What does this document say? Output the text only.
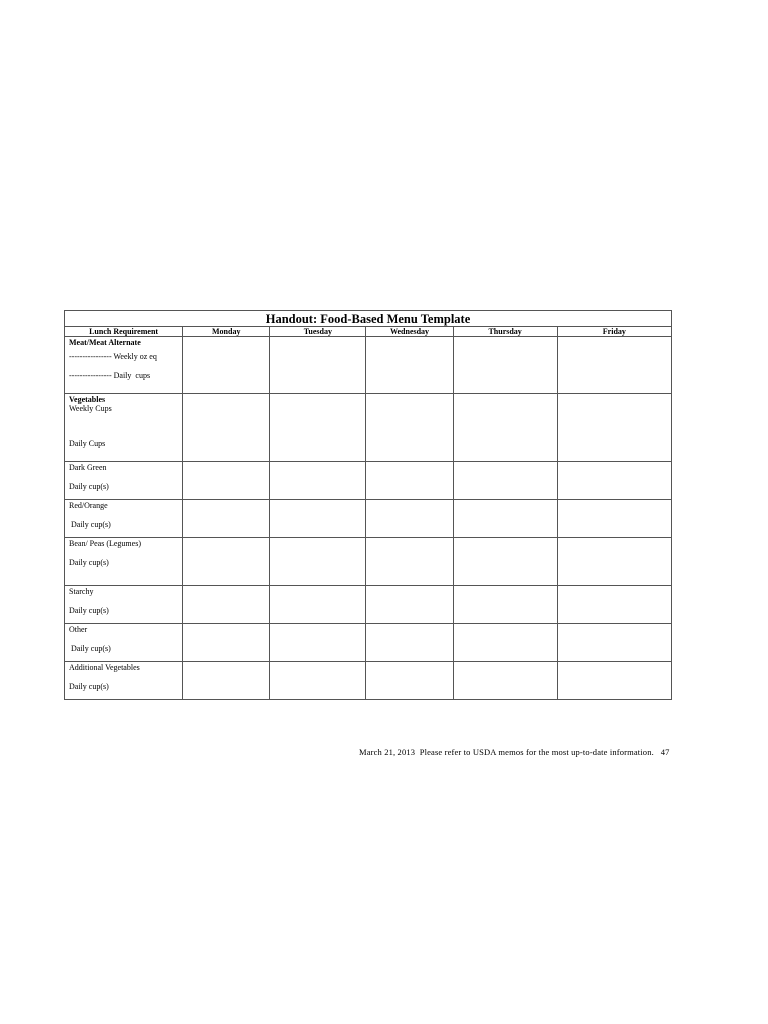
Handout: Food-Based Menu Template					
Lunch Requirement	Monday	Tuesday	Wednesday	Thursday	Friday

Meat/Meat Alternate
---------------- Weekly oz eq
---------------- Daily  cups					

Vegetables
Weekly Cups
Daily Cups					

Dark Green
Daily cup(s)					

Red/Orange
Daily cup(s)					

Bean/ Peas (Legumes)
Daily cup(s)					

Starchy
Daily cup(s)					

Other
Daily cup(s)					

Additional Vegetables
Daily cup(s)					

March 21, 2013  Please refer to USDA memos for the most up-to-date information.   47
